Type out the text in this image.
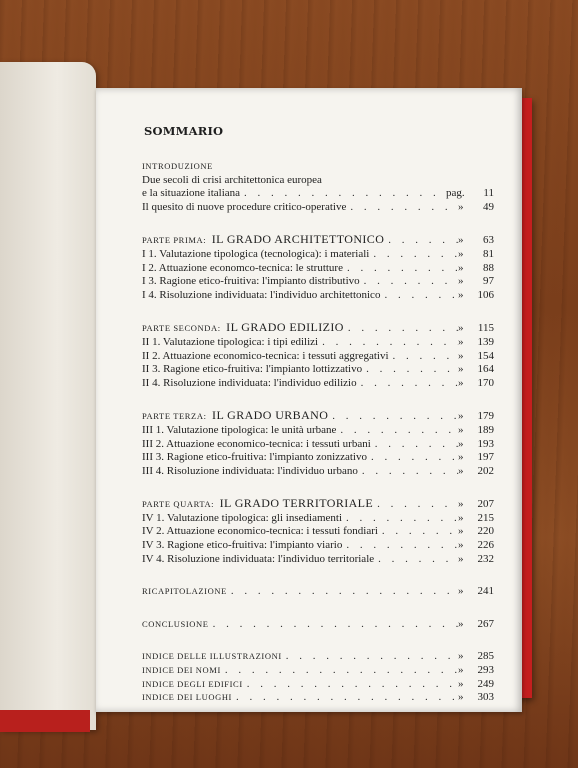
SOMMARIO
INTRODUZIONE
Due secoli di crisi architettonica europea
e la situazione italiana . . .	pag.	11
Il quesito di nuove procedure critico-operative . . .	»	49
PARTE PRIMA: IL GRADO ARCHITETTONICO . . .	»	63
I 1. Valutazione tipologica (tecnologica): i materiali . . .	»	81
I 2. Attuazione economco-tecnica: le strutture . . .	»	88
I 3. Ragione etico-fruitiva: l'impianto distributivo . . .	»	97
I 4. Risoluzione individuata: l'individuo architettonico . . .	»	106
PARTE SECONDA: IL GRADO EDILIZIO . . .	»	115
II 1. Valutazione tipologica: i tipi edilizi . . .	»	139
II 2. Attuazione economico-tecnica: i tessuti aggregativi . . .	»	154
II 3. Ragione etico-fruitiva: l'impianto lottizzativo . . .	»	164
II 4. Risoluzione individuata: l'individuo edilizio . . .	»	170
PARTE TERZA: IL GRADO URBANO . . .	»	179
III 1. Valutazione tipologica: le unità urbane . . .	»	189
III 2. Attuazione economico-tecnica: i tessuti urbani . . .	»	193
III 3. Ragione etico-fruitiva: l'impianto zonizzativo . . .	»	197
III 4. Risoluzione individuata: l'individuo urbano . . .	»	202
PARTE QUARTA: IL GRADO TERRITORIALE . . .	»	207
IV 1. Valutazione tipologica: gli insediamenti . . .	»	215
IV 2. Attuazione economico-tecnica: i tessuti fondiari . . .	»	220
IV 3. Ragione etico-fruitiva: l'impianto viario . . .	»	226
IV 4. Risoluzione individuata: l'individuo territoriale . . .	»	232
RICAPITOLAZIONE . . .	»	241
CONCLUSIONE . . .	»	267
INDICE DELLE ILLUSTRAZIONI . . .	»	285
INDICE DEI NOMI . . .	»	293
INDICE DEGLI EDIFICI . . .	»	249
INDICE DEI LUOGHI . . .	»	303
